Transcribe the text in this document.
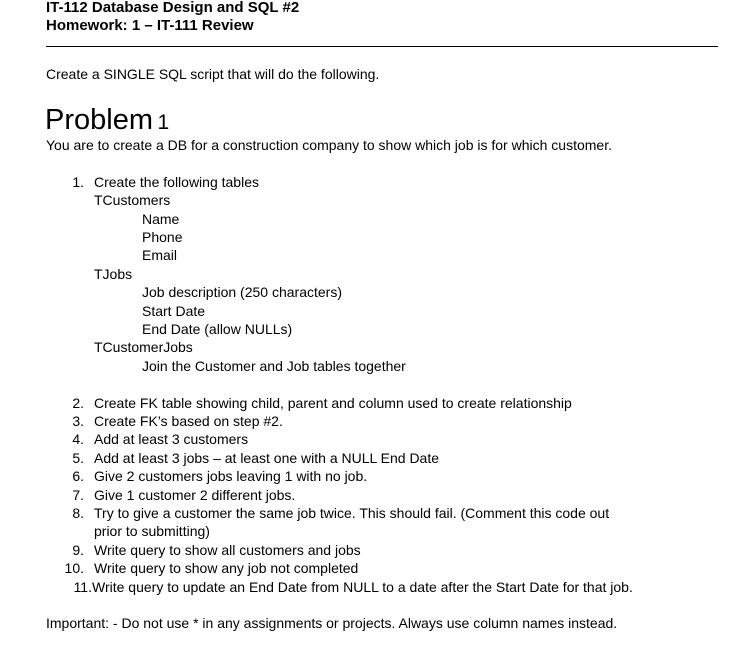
IT-112 Database Design and SQL #2
Homework: 1 – IT-111 Review
Create a SINGLE SQL script that will do the following.
Problem 1
You are to create a DB for a construction company to show which job is for which customer.
1. Create the following tables
TCustomers
Name
Phone
Email
TJobs
Job description (250 characters)
Start Date
End Date (allow NULLs)
TCustomerJobs
Join the Customer and Job tables together
2. Create FK table showing child, parent and column used to create relationship
3. Create FK’s based on step #2.
4. Add at least 3 customers
5. Add at least 3 jobs – at least one with a NULL End Date
6. Give 2 customers jobs leaving 1 with no job.
7. Give 1 customer 2 different jobs.
8. Try to give a customer the same job twice. This should fail. (Comment this code out
prior to submitting)
9. Write query to show all customers and jobs
10. Write query to show any job not completed
11. Write query to update an End Date from NULL to a date after the Start Date for that job.
Important: - Do not use * in any assignments or projects. Always use column names instead.
